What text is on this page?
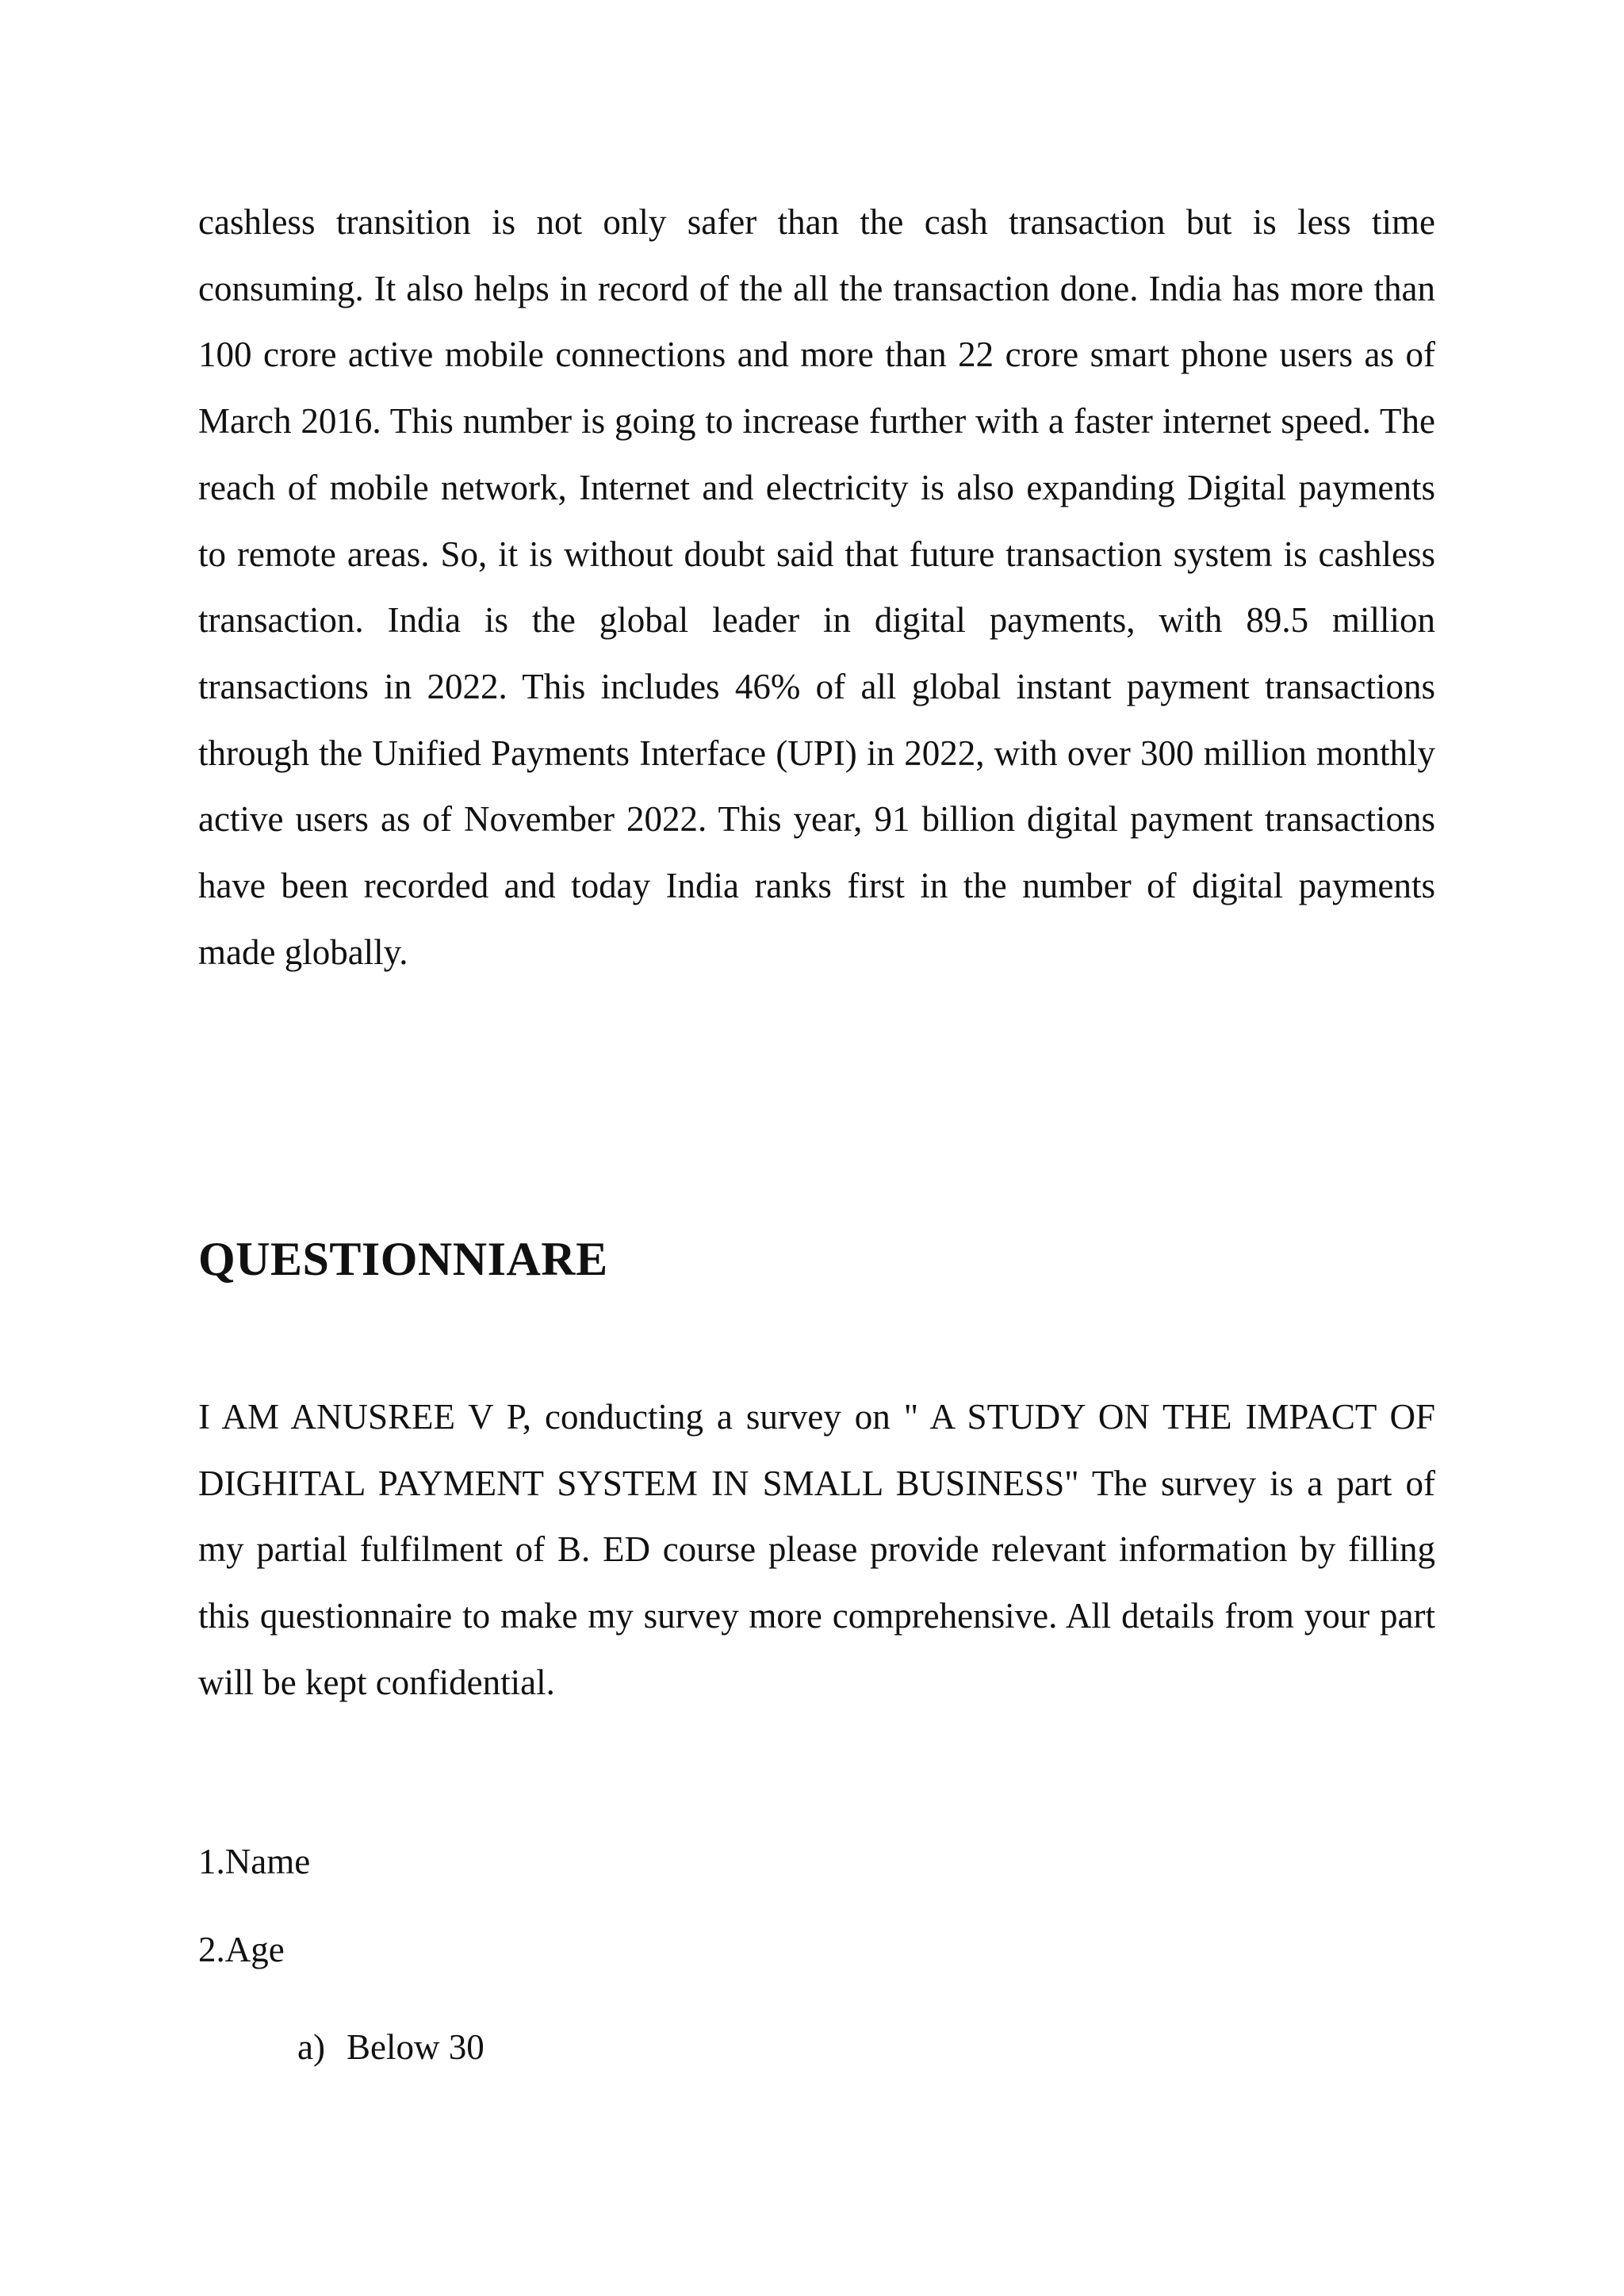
cashless transition is not only safer than the cash transaction but is less time consuming. It also helps in record of the all the transaction done. India has more than 100 crore active mobile connections and more than 22 crore smart phone users as of March 2016. This number is going to increase further with a faster internet speed. The reach of mobile network, Internet and electricity is also expanding Digital payments to remote areas. So, it is without doubt said that future transaction system is cashless transaction. India is the global leader in digital payments, with 89.5 million transactions in 2022. This includes 46% of all global instant payment transactions through the Unified Payments Interface (UPI) in 2022, with over 300 million monthly active users as of November 2022. This year, 91 billion digital payment transactions have been recorded and today India ranks first in the number of digital payments made globally.

QUESTIONNIARE

I AM ANUSREE V P, conducting a survey on " A STUDY ON THE IMPACT OF DIGHITAL PAYMENT SYSTEM IN SMALL BUSINESS" The survey is a part of my partial fulfilment of B. ED course please provide relevant information by filling this questionnaire to make my survey more comprehensive. All details from your part will be kept confidential.

1.Name

2.Age

a) Below 30
